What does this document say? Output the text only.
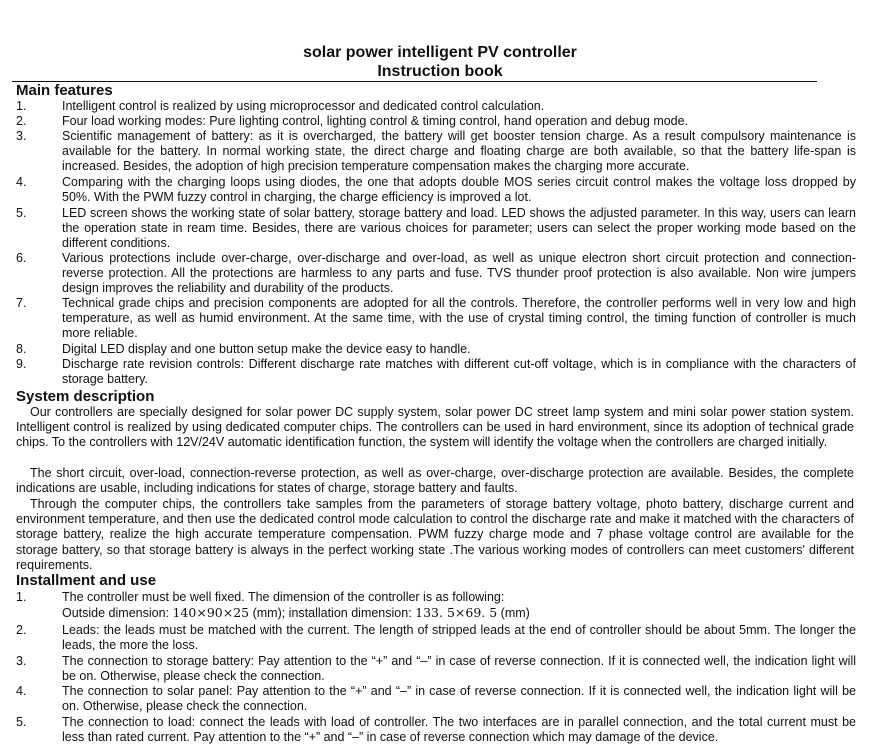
solar power intelligent PV controller
Instruction book
Main features
1.	Intelligent control is realized by using microprocessor and dedicated control calculation.
2.	Four load working modes: Pure lighting control, lighting control & timing control, hand operation and debug mode.
3.	Scientific management of battery: as it is overcharged, the battery will get booster tension charge. As a result compulsory maintenance is available for the battery. In normal working state, the direct charge and floating charge are both available, so that the battery life-span is increased. Besides, the adoption of high precision temperature compensation makes the charging more accurate.
4.	Comparing with the charging loops using diodes, the one that adopts double MOS series circuit control makes the voltage loss dropped by 50%. With the PWM fuzzy control in charging, the charge efficiency is improved a lot.
5.	LED screen shows the working state of solar battery, storage battery and load. LED shows the adjusted parameter. In this way, users can learn the operation state in ream time. Besides, there are various choices for parameter; users can select the proper working mode based on the different conditions.
6.	Various protections include over-charge, over-discharge and over-load, as well as unique electron short circuit protection and connection-reverse protection. All the protections are harmless to any parts and fuse. TVS thunder proof protection is also available. Non wire jumpers design improves the reliability and durability of the products.
7.	Technical grade chips and precision components are adopted for all the controls. Therefore, the controller performs well in very low and high temperature, as well as humid environment. At the same time, with the use of crystal timing control, the timing function of controller is much more reliable.
8.	Digital LED display and one button setup make the device easy to handle.
9.	Discharge rate revision controls: Different discharge rate matches with different cut-off voltage, which is in compliance with the characters of storage battery.
System description
Our controllers are specially designed for solar power DC supply system, solar power DC street lamp system and mini solar power station system. Intelligent control is realized by using dedicated computer chips. The controllers can be used in hard environment, since its adoption of technical grade chips. To the controllers with 12V/24V automatic identification function, the system will identify the voltage when the controllers are charged initially.
The short circuit, over-load, connection-reverse protection, as well as over-charge, over-discharge protection are available. Besides, the complete indications are usable, including indications for states of charge, storage battery and faults.
Through the computer chips, the controllers take samples from the parameters of storage battery voltage, photo battery, discharge current and environment temperature, and then use the dedicated control mode calculation to control the discharge rate and make it matched with the characters of storage battery, realize the high accurate temperature compensation. PWM fuzzy charge mode and 7 phase voltage control are available for the storage battery, so that storage battery is always in the perfect working state .The various working modes of controllers can meet customers' different requirements.
Installment and use
1.	The controller must be well fixed. The dimension of the controller is as following:
Outside dimension: 140×90×25 (mm); installation dimension: 133. 5×69. 5 (mm)
2.	Leads: the leads must be matched with the current. The length of stripped leads at the end of controller should be about 5mm. The longer the leads, the more the loss.
3.	The connection to storage battery: Pay attention to the “+” and “–” in case of reverse connection. If it is connected well, the indication light will be on. Otherwise, please check the connection.
4.	The connection to solar panel: Pay attention to the “+” and “–” in case of reverse connection. If it is connected well, the indication light will be on. Otherwise, please check the connection.
5.	The connection to load: connect the leads with load of controller. The two interfaces are in parallel connection, and the total current must be less than rated current. Pay attention to the “+” and “–” in case of reverse connection which may damage of the device.
